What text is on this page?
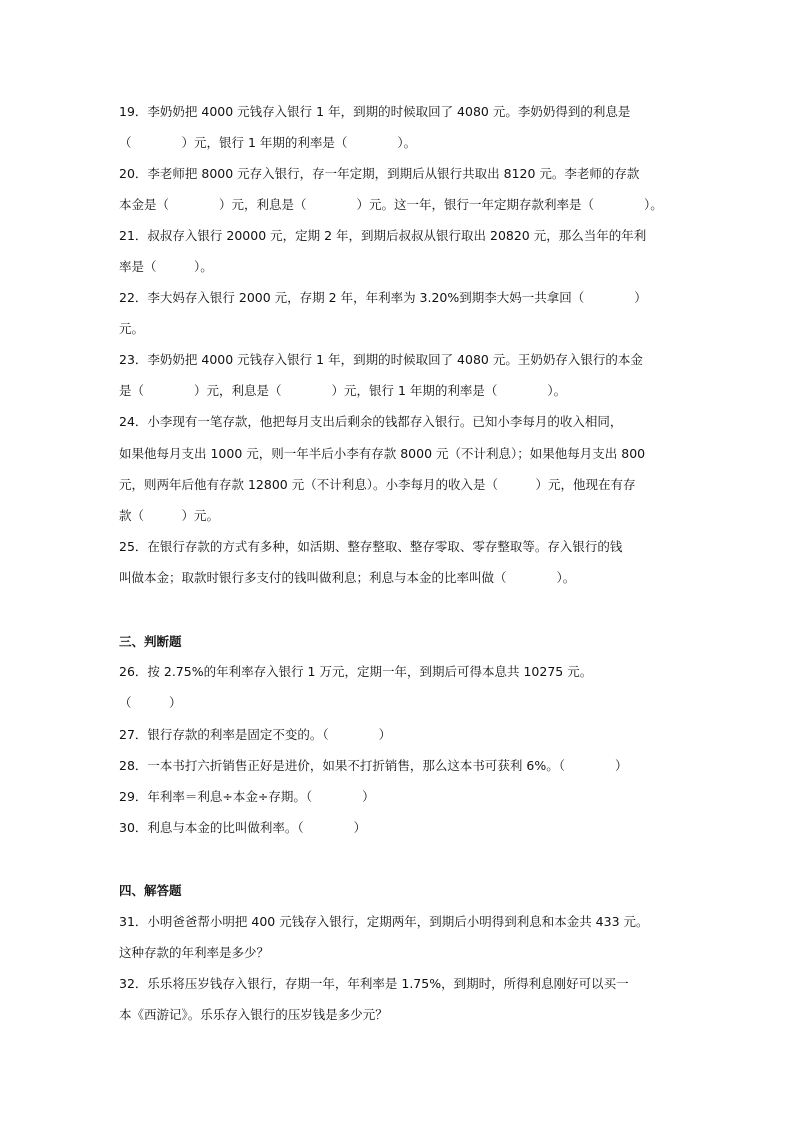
19．李奶奶把 4000 元钱存入银行 1 年，到期的时候取回了 4080 元。李奶奶得到的利息是
（　　　　）元，银行 1 年期的利率是（　　　　）。
20．李老师把 8000 元存入银行，存一年定期，到期后从银行共取出 8120 元。李老师的存款
本金是（　　　　）元，利息是（　　　　）元。这一年，银行一年定期存款利率是（　　　　）。
21．叔叔存入银行 20000 元，定期 2 年，到期后叔叔从银行取出 20820 元，那么当年的年利
率是（　　　）。
22．李大妈存入银行 2000 元，存期 2 年，年利率为 3.20%到期李大妈一共拿回（　　　　）
元。
23．李奶奶把 4000 元钱存入银行 1 年，到期的时候取回了 4080 元。王奶奶存入银行的本金
是（　　　　）元，利息是（　　　　）元，银行 1 年期的利率是（　　　　）。
24．小李现有一笔存款，他把每月支出后剩余的钱都存入银行。已知小李每月的收入相同，
如果他每月支出 1000 元，则一年半后小李有存款 8000 元（不计利息）；如果他每月支出 800
元，则两年后他有存款 12800 元（不计利息）。小李每月的收入是（　　　）元，他现在有存
款（　　　）元。
25．在银行存款的方式有多种，如活期、整存整取、整存零取、零存整取等。存入银行的钱
叫做本金；取款时银行多支付的钱叫做利息；利息与本金的比率叫做（　　　　）。
三、判断题
26．按 2.75%的年利率存入银行 1 万元，定期一年，到期后可得本息共 10275 元。
（　　　）
27．银行存款的利率是固定不变的。（　　　　）
28．一本书打六折销售正好是进价，如果不打折销售，那么这本书可获利 6%。（　　　　）
29．年利率＝利息÷本金÷存期。（　　　　）
30．利息与本金的比叫做利率。（　　　　）
四、解答题
31．小明爸爸帮小明把 400 元钱存入银行，定期两年，到期后小明得到利息和本金共 433 元。
这种存款的年利率是多少？
32．乐乐将压岁钱存入银行，存期一年，年利率是 1.75%，到期时，所得利息刚好可以买一
本《西游记》。乐乐存入银行的压岁钱是多少元？
